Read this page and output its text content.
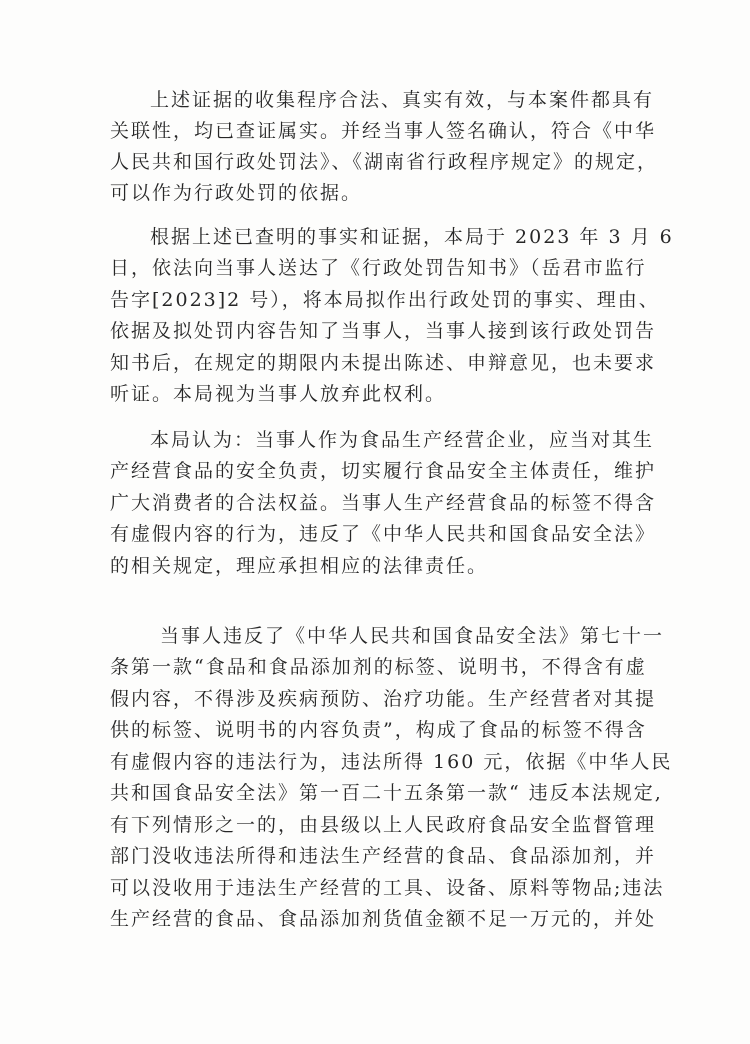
上述证据的收集程序合法、真实有效，与本案件都具有
关联性，均已查证属实。并经当事人签名确认，符合《中华
人民共和国行政处罚法》、《湖南省行政程序规定》的规定，
可以作为行政处罚的依据。
根据上述已查明的事实和证据，本局于 2023 年 3 月 6
日，依法向当事人送达了《行政处罚告知书》（岳君市监行
告字[2023]2 号），将本局拟作出行政处罚的事实、理由、
依据及拟处罚内容告知了当事人，当事人接到该行政处罚告
知书后，在规定的期限内未提出陈述、申辩意见，也未要求
听证。本局视为当事人放弃此权利。
本局认为：当事人作为食品生产经营企业，应当对其生
产经营食品的安全负责，切实履行食品安全主体责任，维护
广大消费者的合法权益。当事人生产经营食品的标签不得含
有虚假内容的行为，违反了《中华人民共和国食品安全法》
的相关规定，理应承担相应的法律责任。
当事人违反了《中华人民共和国食品安全法》第七十一
条第一款“食品和食品添加剂的标签、说明书，不得含有虚
假内容，不得涉及疾病预防、治疗功能。生产经营者对其提
供的标签、说明书的内容负责”，构成了食品的标签不得含
有虚假内容的违法行为，违法所得 160 元，依据《中华人民
共和国食品安全法》第一百二十五条第一款“ 违反本法规定,
有下列情形之一的，由县级以上人民政府食品安全监督管理
部门没收违法所得和违法生产经营的食品、食品添加剂，并
可以没收用于违法生产经营的工具、设备、原料等物品;违法
生产经营的食品、食品添加剂货值金额不足一万元的，并处
